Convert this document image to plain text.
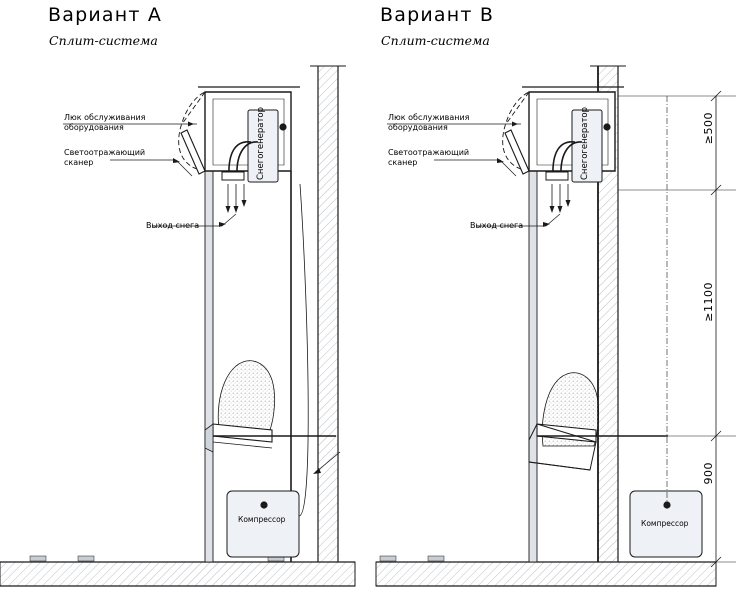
Вариант A
Сплит-система
Люк обслуживания
оборудования
Светоотражающий
сканер
Выход снега
Снегогенератор
Компрессор
Вариант B
Сплит-система
Люк обслуживания
оборудования
Светоотражающий
сканер
Выход снега
Снегогенератор
Компрессор
≥500
≥1100
900
